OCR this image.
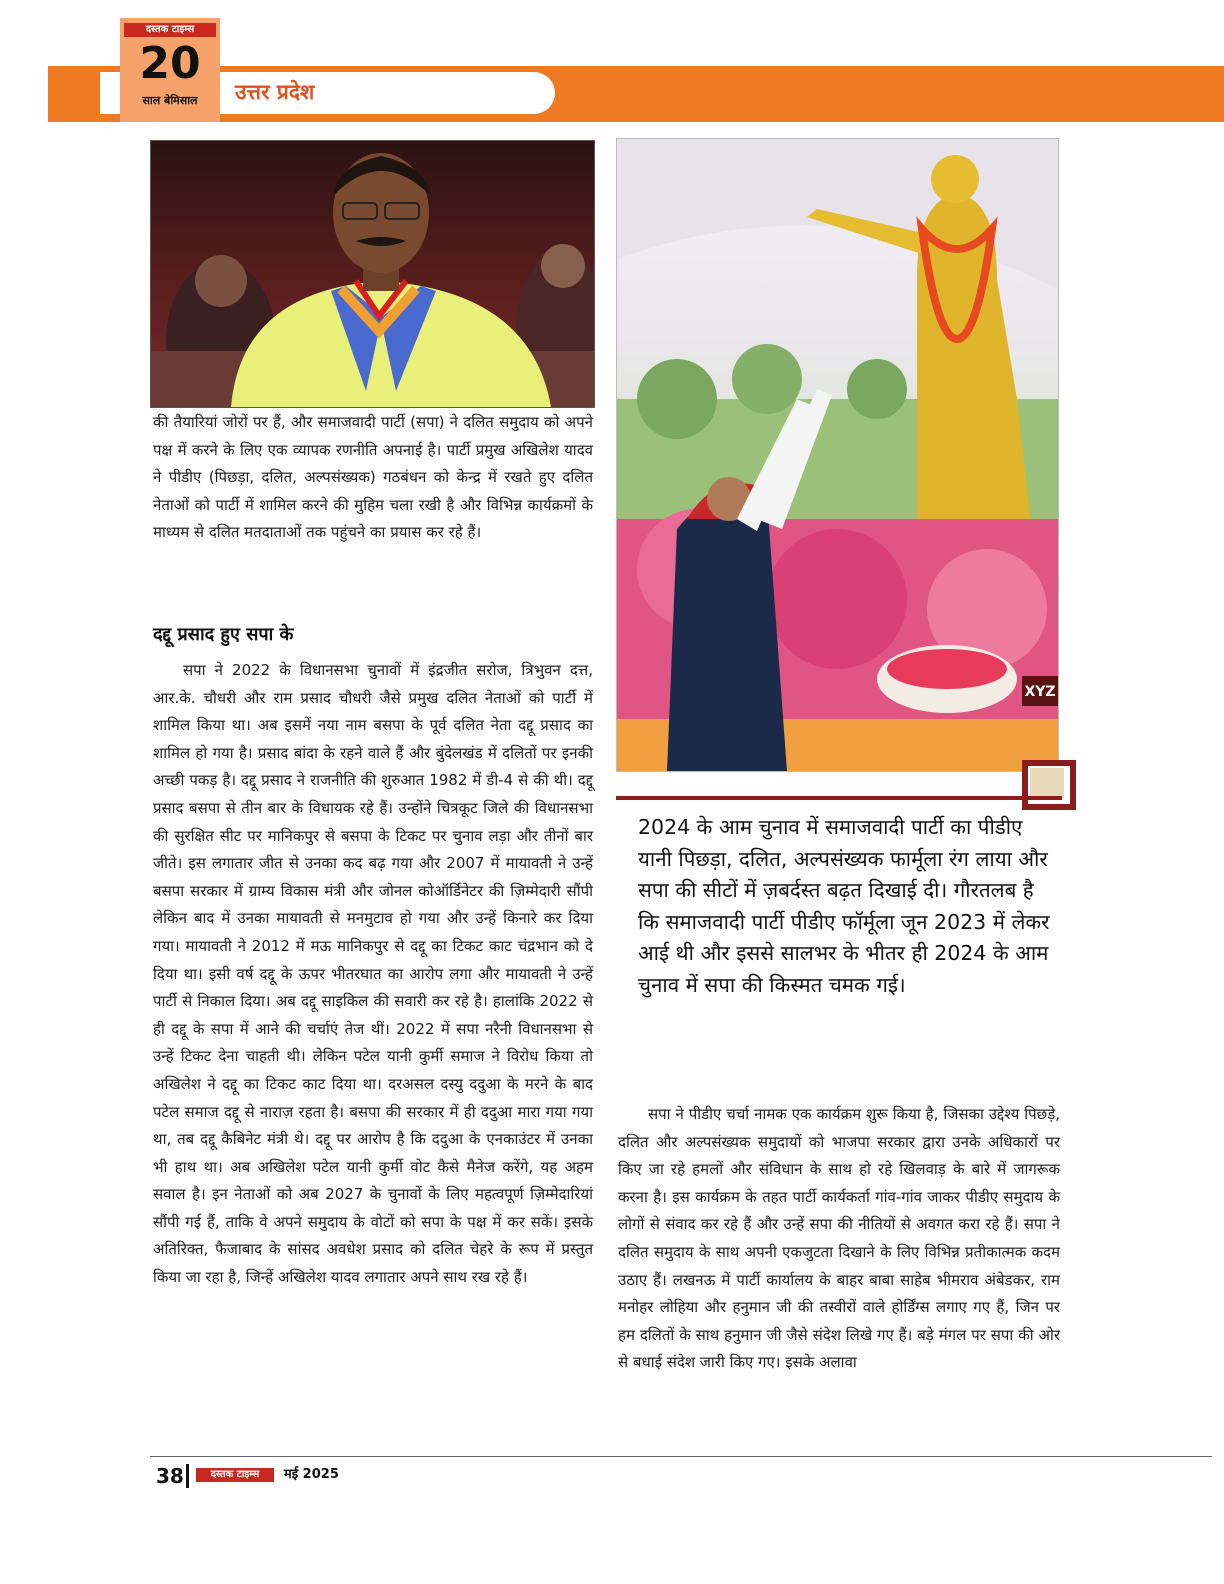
उत्तर प्रदेश
दस्तक टाइम्स
20
साल बेमिसाल
XYZ

की तैयारियां जोरों पर हैं, और समाजवादी पार्टी (सपा) ने दलित समुदाय को अपने पक्ष में करने के लिए एक व्यापक रणनीति अपनाई है। पार्टी प्रमुख अखिलेश यादव ने पीडीए (पिछड़ा, दलित, अल्पसंख्यक) गठबंधन को केन्द्र में रखते हुए दलित नेताओं को पार्टी में शामिल करने की मुहिम चला रखी है और विभिन्न कार्यक्रमों के माध्यम से दलित मतदाताओं तक पहुंचने का प्रयास कर रहे हैं।

दद्दू प्रसाद हुए सपा के

सपा ने 2022 के विधानसभा चुनावों में इंद्रजीत सरोज, त्रिभुवन दत्त, आर.के. चौधरी और राम प्रसाद चौधरी जैसे प्रमुख दलित नेताओं को पार्टी में शामिल किया था। अब इसमें नया नाम बसपा के पूर्व दलित नेता दद्दू प्रसाद का शामिल हो गया है। प्रसाद बांदा के रहने वाले हैं और बुंदेलखंड में दलितों पर इनकी अच्छी पकड़ है। दद्दू प्रसाद ने राजनीति की शुरुआत 1982 में डी-4 से की थी। दद्दू प्रसाद बसपा से तीन बार के विधायक रहे हैं। उन्होंने चित्रकूट जिले की विधानसभा की सुरक्षित सीट पर मानिकपुर से बसपा के टिकट पर चुनाव लड़ा और तीनों बार जीते। इस लगातार जीत से उनका कद बढ़ गया और 2007 में मायावती ने उन्हें बसपा सरकार में ग्राम्य विकास मंत्री और जोनल कोऑर्डिनेटर की ज़िम्मेदारी सौंपी लेकिन बाद में उनका मायावती से मनमुटाव हो गया और उन्हें किनारे कर दिया गया। मायावती ने 2012 में मऊ मानिकपुर से दद्दू का टिकट काट चंद्रभान को दे दिया था। इसी वर्ष दद्दू के ऊपर भीतरघात का आरोप लगा और मायावती ने उन्हें पार्टी से निकाल दिया। अब दद्दू साइकिल की सवारी कर रहे है। हालांकि 2022 से ही दद्दू के सपा में आने की चर्चाएं तेज थीं। 2022 में सपा नरैनी विधानसभा से उन्हें टिकट देना चाहती थी। लेकिन पटेल यानी कुर्मी समाज ने विरोध किया तो अखिलेश ने दद्दू का टिकट काट दिया था। दरअसल दस्यु ददुआ के मरने के बाद पटेल समाज दद्दू से नाराज़ रहता है। बसपा की सरकार में ही ददुआ मारा गया गया था, तब दद्दू कैबिनेट मंत्री थे। दद्दू पर आरोप है कि ददुआ के एनकाउंटर में उनका भी हाथ था। अब अखिलेश पटेल यानी कुर्मी वोट कैसे मैनेज करेंगे, यह अहम सवाल है। इन नेताओं को अब 2027 के चुनावों के लिए महत्वपूर्ण ज़िम्मेदारियां सौंपी गई हैं, ताकि वे अपने समुदाय के वोटों को सपा के पक्ष में कर सकें। इसके अतिरिक्त, फैजाबाद के सांसद अवधेश प्रसाद को दलित चेहरे के रूप में प्रस्तुत किया जा रहा है, जिन्हें अखिलेश यादव लगातार अपने साथ रख रहे हैं।

2024 के आम चुनाव में समाजवादी पार्टी का पीडीए यानी पिछड़ा, दलित, अल्पसंख्यक फार्मूला रंग लाया और सपा की सीटों में ज़बर्दस्त बढ़त दिखाई दी। गौरतलब है कि समाजवादी पार्टी पीडीए फॉर्मूला जून 2023 में लेकर आई थी और इससे सालभर के भीतर ही 2024 के आम चुनाव में सपा की किस्मत चमक गई।

सपा ने पीडीए चर्चा नामक एक कार्यक्रम शुरू किया है, जिसका उद्देश्य पिछड़े, दलित और अल्पसंख्यक समुदायों को भाजपा सरकार द्वारा उनके अधिकारों पर किए जा रहे हमलों और संविधान के साथ हो रहे खिलवाड़ के बारे में जागरूक करना है। इस कार्यक्रम के तहत पार्टी कार्यकर्ता गांव-गांव जाकर पीडीए समुदाय के लोगों से संवाद कर रहे हैं और उन्हें सपा की नीतियों से अवगत करा रहे हैं। सपा ने दलित समुदाय के साथ अपनी एकजुटता दिखाने के लिए विभिन्न प्रतीकात्मक कदम उठाए हैं। लखनऊ में पार्टी कार्यालय के बाहर बाबा साहेब भीमराव अंबेडकर, राम मनोहर लोहिया और हनुमान जी की तस्वीरों वाले होर्डिंग्स लगाए गए हैं, जिन पर हम दलितों के साथ हनुमान जी जैसे संदेश लिखे गए हैं। बड़े मंगल पर सपा की ओर से बधाई संदेश जारी किए गए। इसके अलावा

38	दस्तक टाइम्स	मई 2025
